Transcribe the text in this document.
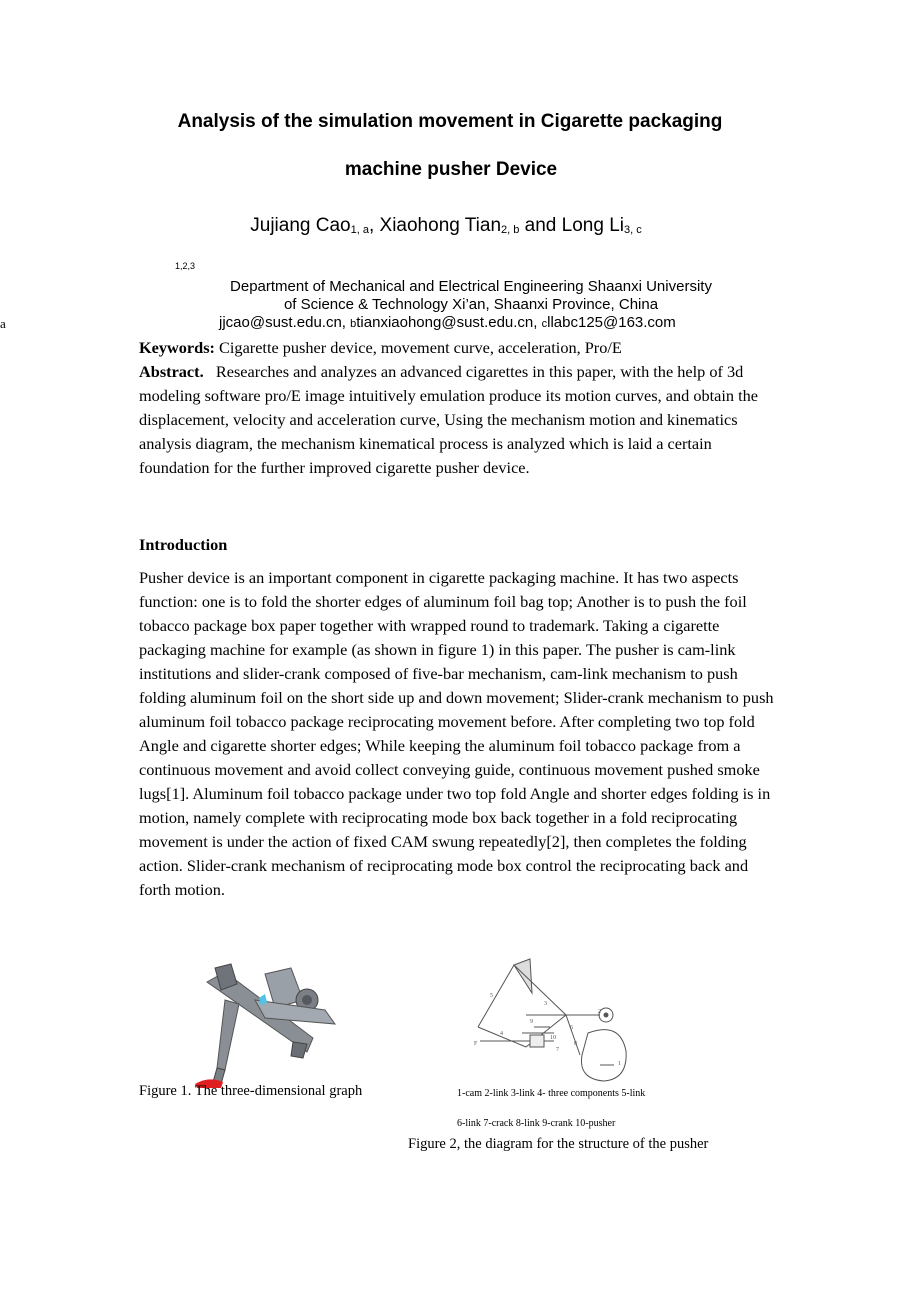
Analysis of the simulation movement in Cigarette packaging
machine pusher Device
Jujiang Cao$_{1, a}$, Xiaohong Tian$_{2, b}$ and Long $Li_{3, c}$
1,2,3
Department of Mechanical and Electrical Engineering Shaanxi University
of Science & Technology Xi’an, Shaanxi Province, China
a	jjcao@sust.edu.cn, btianxiaohong@sust.edu.cn, cllabc125@163.com
Keywords: Cigarette pusher device, movement curve, acceleration, Pro/E

Abstract. Researches and analyzes an advanced cigarettes in this paper, with the help of 3d modeling software pro/E image intuitively emulation produce its motion curves, and obtain the displacement, velocity and acceleration curve, Using the mechanism motion and kinematics analysis diagram, the mechanism kinematical process is analyzed which is laid a certain foundation for the further improved cigarette pusher device.

Introduction

Pusher device is an important component in cigarette packaging machine. It has two aspects function: one is to fold the shorter edges of aluminum foil bag top; Another is to push the foil tobacco package box paper together with wrapped round to trademark. Taking a cigarette packaging machine for example (as shown in figure 1) in this paper. The pusher is cam-link institutions and slider-crank composed of five-bar mechanism, cam-link mechanism to push folding aluminum foil on the short side up and down movement; Slider-crank mechanism to push aluminum foil tobacco package reciprocating movement before. After completing two top fold Angle and cigarette shorter edges; While keeping the aluminum foil tobacco package from a continuous movement and avoid collect conveying guide, continuous movement pushed smoke lugs[1]. Aluminum foil tobacco package under two top fold Angle and shorter edges folding is in motion, namely complete with reciprocating mode box back together in a fold reciprocating movement is under the action of fixed CAM swung repeatedly[2], then completes the folding action. Slider-crank mechanism of reciprocating mode box control the reciprocating back and forth motion.

Figure 1. The three-dimensional graph
5
4
3
2
1
6
7
8
9
10
F
1-cam 2-link 3-link 4- three components 5-link
6-link 7-crack 8-link 9-crank 10-pusher
Figure 2, the diagram for the structure of the pusher
